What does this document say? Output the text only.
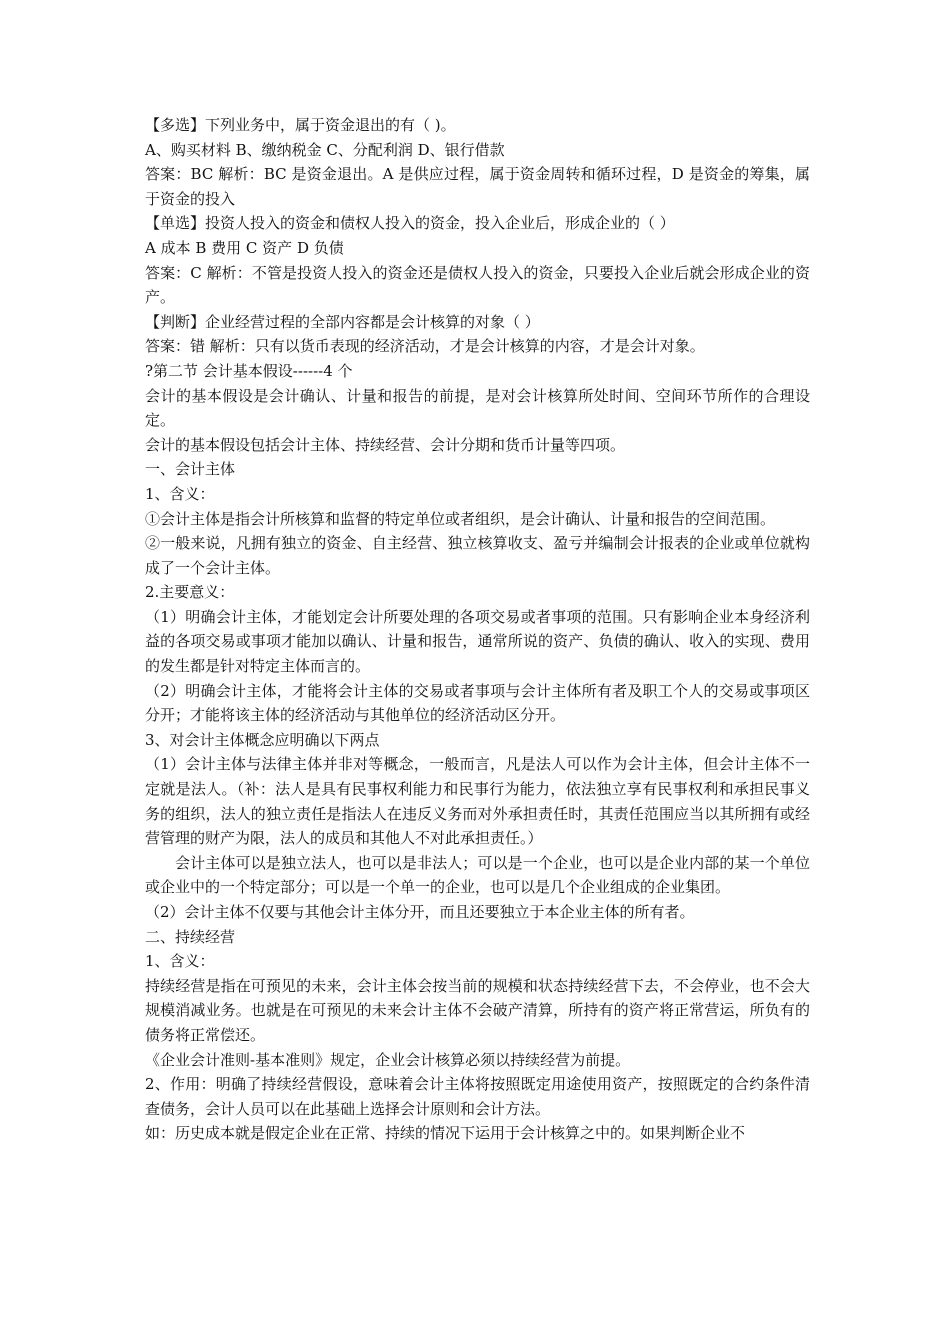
【多选】下列业务中，属于资金退出的有（ )。

A、购买材料 B、缴纳税金 C、分配利润 D、银行借款

答案：BC 解析：BC 是资金退出。A 是供应过程，属于资金周转和循环过程，D 是资金的筹集，属于资金的投入

【单选】投资人投入的资金和债权人投入的资金，投入企业后，形成企业的（ ）

A 成本 B 费用 C 资产 D 负债

答案：C 解析：不管是投资人投入的资金还是债权人投入的资金，只要投入企业后就会形成企业的资产。

【判断】企业经营过程的全部内容都是会计核算的对象（ ）

答案：错 解析：只有以货币表现的经济活动，才是会计核算的内容，才是会计对象。

?第二节 会计基本假设------4 个

会计的基本假设是会计确认、计量和报告的前提，是对会计核算所处时间、空间环节所作的合理设定。

会计的基本假设包括会计主体、持续经营、会计分期和货币计量等四项。

一、会计主体

1、含义：

①会计主体是指会计所核算和监督的特定单位或者组织，是会计确认、计量和报告的空间范围。

②一般来说，凡拥有独立的资金、自主经营、独立核算收支、盈亏并编制会计报表的企业或单位就构成了一个会计主体。

2.主要意义：

（1）明确会计主体，才能划定会计所要处理的各项交易或者事项的范围。只有影响企业本身经济利益的各项交易或事项才能加以确认、计量和报告，通常所说的资产、负债的确认、收入的实现、费用的发生都是针对特定主体而言的。

（2）明确会计主体，才能将会计主体的交易或者事项与会计主体所有者及职工个人的交易或事项区分开；才能将该主体的经济活动与其他单位的经济活动区分开。

3、对会计主体概念应明确以下两点

（1）会计主体与法律主体并非对等概念，一般而言，凡是法人可以作为会计主体，但会计主体不一定就是法人。（补：法人是具有民事权利能力和民事行为能力，依法独立享有民事权利和承担民事义务的组织，法人的独立责任是指法人在违反义务而对外承担责任时，其责任范围应当以其所拥有或经营管理的财产为限，法人的成员和其他人不对此承担责任。）

会计主体可以是独立法人，也可以是非法人；可以是一个企业，也可以是企业内部的某一个单位或企业中的一个特定部分；可以是一个单一的企业，也可以是几个企业组成的企业集团。

（2）会计主体不仅要与其他会计主体分开，而且还要独立于本企业主体的所有者。

二、持续经营

1、含义：

持续经营是指在可预见的未来，会计主体会按当前的规模和状态持续经营下去，不会停业，也不会大规模消减业务。也就是在可预见的未来会计主体不会破产清算，所持有的资产将正常营运，所负有的债务将正常偿还。

《企业会计准则-基本准则》规定，企业会计核算必须以持续经营为前提。

2、作用：明确了持续经营假设，意味着会计主体将按照既定用途使用资产，按照既定的合约条件清查债务，会计人员可以在此基础上选择会计原则和会计方法。

如：历史成本就是假定企业在正常、持续的情况下运用于会计核算之中的。如果判断企业不
